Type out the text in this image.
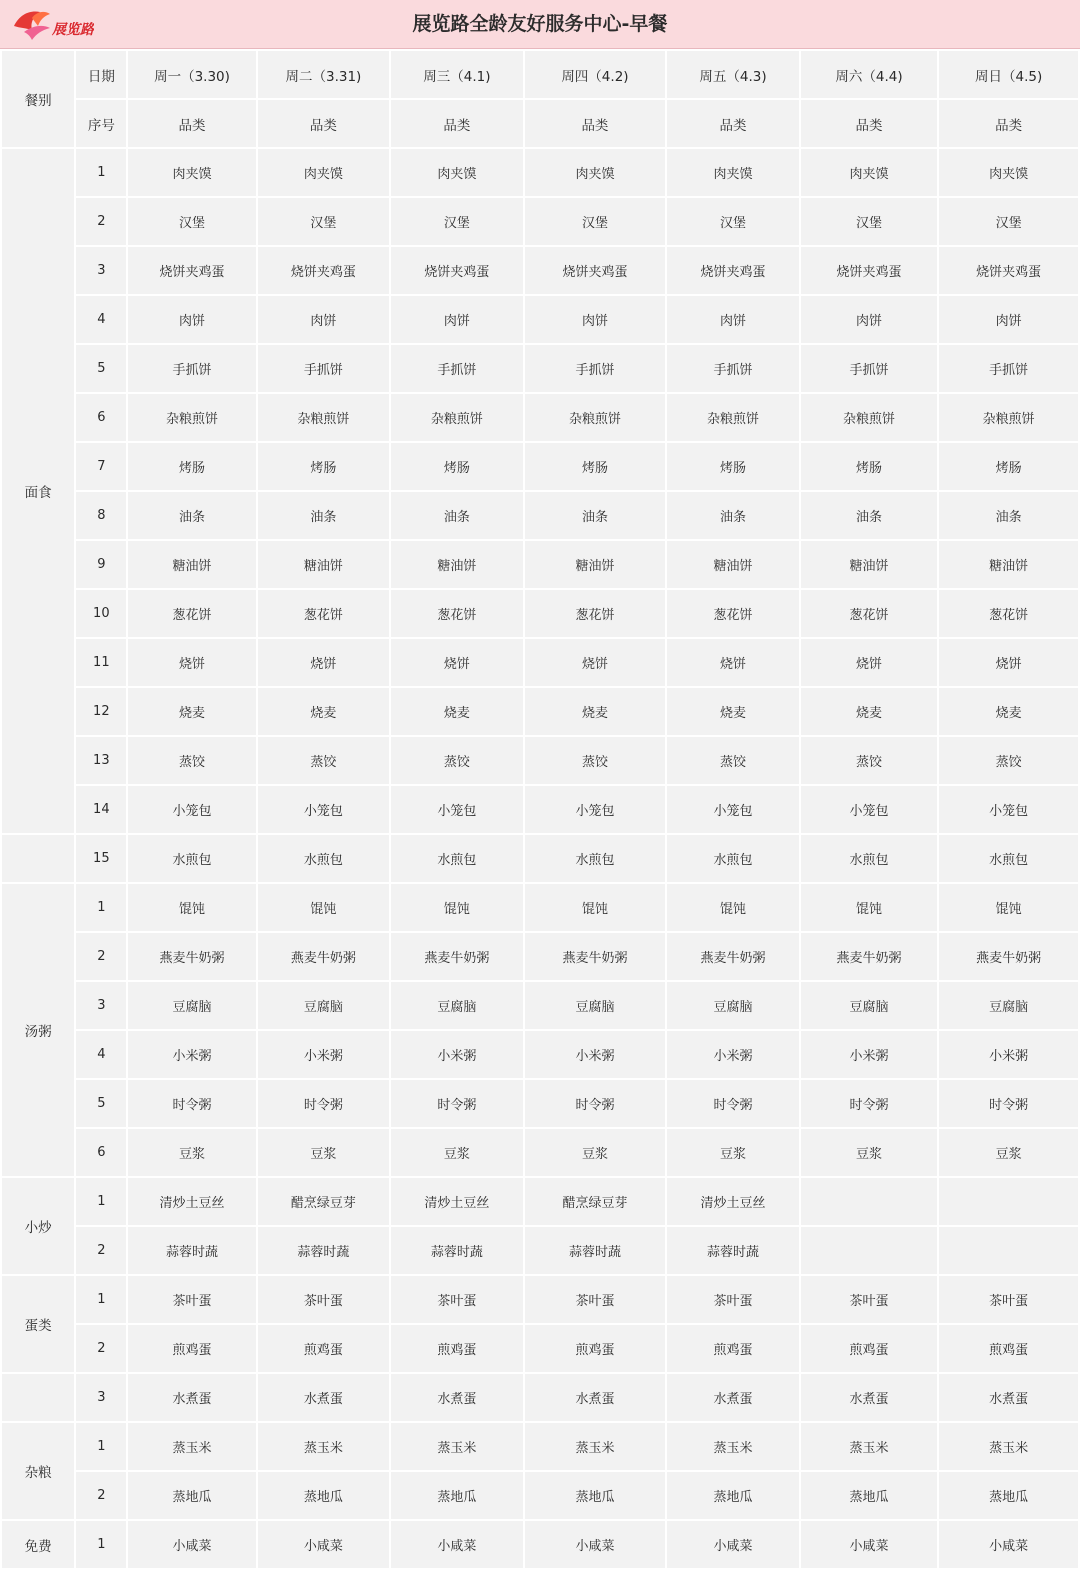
展览路	展览路全龄友好服务中心-早餐
餐别	日期	周一（3.30)	周二（3.31)	周三（4.1)	周四（4.2)	周五（4.3)	周六（4.4)	周日（4.5)
	序号	品类	品类	品类	品类	品类	品类	品类
面食	1	肉夹馍	肉夹馍	肉夹馍	肉夹馍	肉夹馍	肉夹馍	肉夹馍
	2	汉堡	汉堡	汉堡	汉堡	汉堡	汉堡	汉堡
	3	烧饼夹鸡蛋	烧饼夹鸡蛋	烧饼夹鸡蛋	烧饼夹鸡蛋	烧饼夹鸡蛋	烧饼夹鸡蛋	烧饼夹鸡蛋
	4	肉饼	肉饼	肉饼	肉饼	肉饼	肉饼	肉饼
	5	手抓饼	手抓饼	手抓饼	手抓饼	手抓饼	手抓饼	手抓饼
	6	杂粮煎饼	杂粮煎饼	杂粮煎饼	杂粮煎饼	杂粮煎饼	杂粮煎饼	杂粮煎饼
	7	烤肠	烤肠	烤肠	烤肠	烤肠	烤肠	烤肠
	8	油条	油条	油条	油条	油条	油条	油条
	9	糖油饼	糖油饼	糖油饼	糖油饼	糖油饼	糖油饼	糖油饼
	10	葱花饼	葱花饼	葱花饼	葱花饼	葱花饼	葱花饼	葱花饼
	11	烧饼	烧饼	烧饼	烧饼	烧饼	烧饼	烧饼
	12	烧麦	烧麦	烧麦	烧麦	烧麦	烧麦	烧麦
	13	蒸饺	蒸饺	蒸饺	蒸饺	蒸饺	蒸饺	蒸饺
	14	小笼包	小笼包	小笼包	小笼包	小笼包	小笼包	小笼包
	15	水煎包	水煎包	水煎包	水煎包	水煎包	水煎包	水煎包
汤粥	1	馄饨	馄饨	馄饨	馄饨	馄饨	馄饨	馄饨
	2	燕麦牛奶粥	燕麦牛奶粥	燕麦牛奶粥	燕麦牛奶粥	燕麦牛奶粥	燕麦牛奶粥	燕麦牛奶粥
	3	豆腐脑	豆腐脑	豆腐脑	豆腐脑	豆腐脑	豆腐脑	豆腐脑
	4	小米粥	小米粥	小米粥	小米粥	小米粥	小米粥	小米粥
	5	时令粥	时令粥	时令粥	时令粥	时令粥	时令粥	时令粥
	6	豆浆	豆浆	豆浆	豆浆	豆浆	豆浆	豆浆
小炒	1	清炒土豆丝	醋烹绿豆芽	清炒土豆丝	醋烹绿豆芽	清炒土豆丝		
	2	蒜蓉时蔬	蒜蓉时蔬	蒜蓉时蔬	蒜蓉时蔬	蒜蓉时蔬		
蛋类	1	茶叶蛋	茶叶蛋	茶叶蛋	茶叶蛋	茶叶蛋	茶叶蛋	茶叶蛋
	2	煎鸡蛋	煎鸡蛋	煎鸡蛋	煎鸡蛋	煎鸡蛋	煎鸡蛋	煎鸡蛋
	3	水煮蛋	水煮蛋	水煮蛋	水煮蛋	水煮蛋	水煮蛋	水煮蛋
杂粮	1	蒸玉米	蒸玉米	蒸玉米	蒸玉米	蒸玉米	蒸玉米	蒸玉米
	2	蒸地瓜	蒸地瓜	蒸地瓜	蒸地瓜	蒸地瓜	蒸地瓜	蒸地瓜
免费	1	小咸菜	小咸菜	小咸菜	小咸菜	小咸菜	小咸菜	小咸菜
